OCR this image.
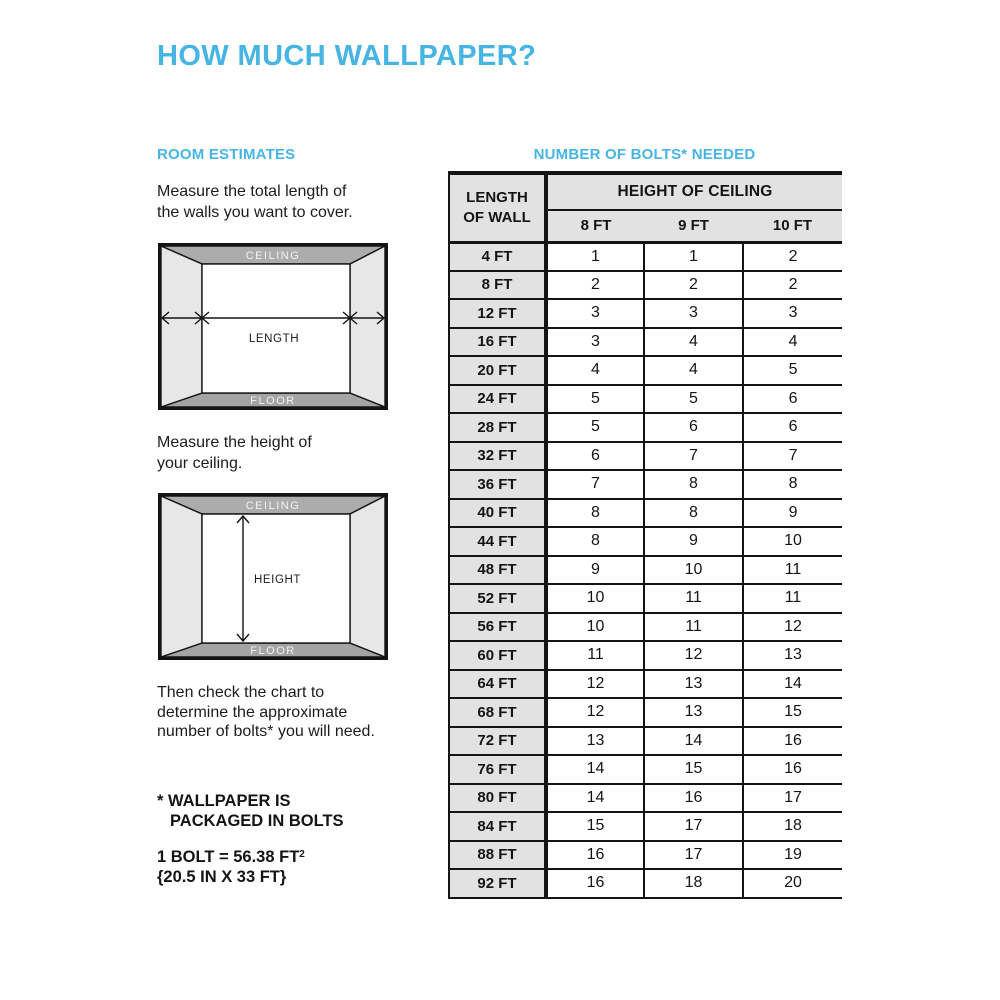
HOW MUCH WALLPAPER?
ROOM ESTIMATES	NUMBER OF BOLTS* NEEDED

Measure the total length of
the walls you want to cover.

CEILING
FLOOR
LENGTH

Measure the height of
your ceiling.

CEILING
FLOOR
HEIGHT

Then check the chart to
determine the approximate
number of bolts* you will need.

* WALLPAPER IS
PACKAGED IN BOLTS
1 BOLT = 56.38 $FT^2$
{20.5 IN X 33 FT}
LENGTH
OF WALL	HEIGHT OF CEILING		
	8 FT	9 FT	10 FT
4 FT	1	1	2
8 FT	2	2	2
12 FT	3	3	3
16 FT	3	4	4
20 FT	4	4	5
24 FT	5	5	6
28 FT	5	6	6
32 FT	6	7	7
36 FT	7	8	8
40 FT	8	8	9
44 FT	8	9	10
48 FT	9	10	11
52 FT	10	11	11
56 FT	10	11	12
60 FT	11	12	13
64 FT	12	13	14
68 FT	12	13	15
72 FT	13	14	16
76 FT	14	15	16
80 FT	14	16	17
84 FT	15	17	18
88 FT	16	17	19
92 FT	16	18	20
